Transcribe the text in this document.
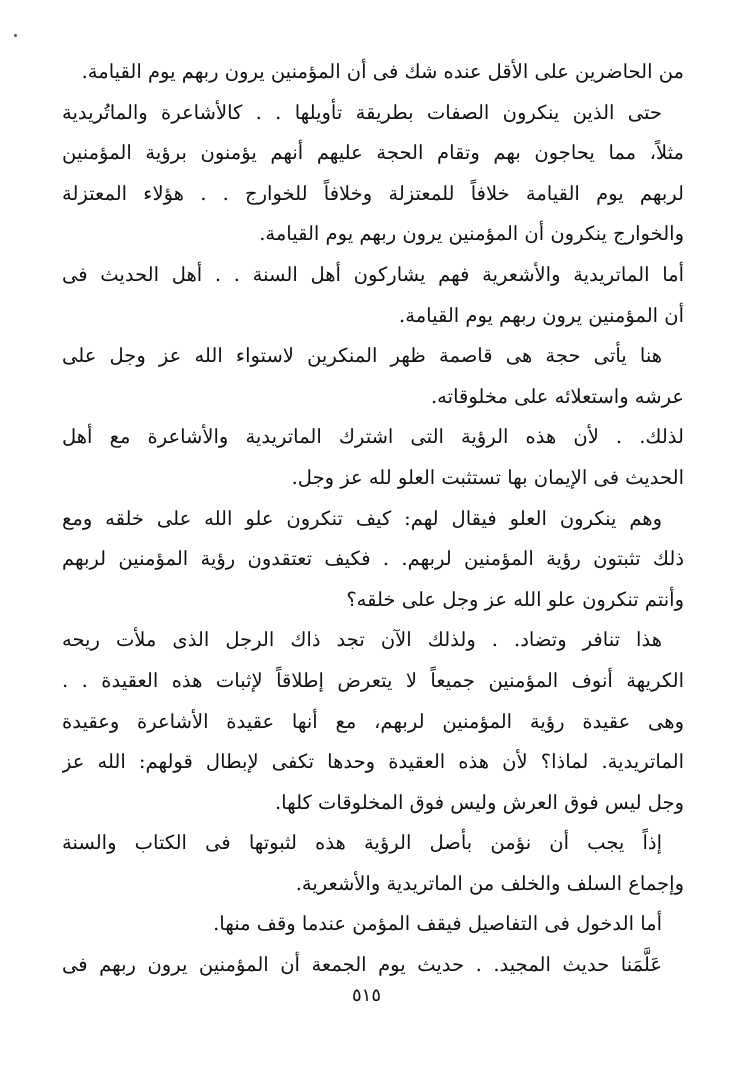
من الحاضرين على الأقل عنده شك فى أن المؤمنين يرون ربهم يوم القيامة.
حتى الذين ينكرون الصفات بطريقة تأويلها . . كالأشاعرة والماتُريدية
مثلاً، مما يحاجون بهم وتقام الحجة عليهم أنهم يؤمنون برؤية المؤمنين
لربهم يوم القيامة خلافاً للمعتزلة وخلافاً للخوارج . . هؤلاء المعتزلة
والخوارج ينكرون أن المؤمنين يرون ربهم يوم القيامة.
أما الماتريدية والأشعرية فهم يشاركون أهل السنة . . أهل الحديث فى
أن المؤمنين يرون ربهم يوم القيامة.
هنا يأتى حجة هى قاصمة ظهر المنكرين لاستواء الله عز وجل على
عرشه واستعلائه على مخلوقاته.
لذلك. . لأن هذه الرؤية التى اشترك الماتريدية والأشاعرة مع أهل
الحديث فى الإيمان بها تستثبت العلو لله عز وجل.
وهم ينكرون العلو فيقال لهم: كيف تنكرون علو الله على خلقه ومع
ذلك تثبتون رؤية المؤمنين لربهم. . فكيف تعتقدون رؤية المؤمنين لربهم
وأنتم تنكرون علو الله عز وجل على خلقه؟
هذا تنافر وتضاد. . ولذلك الآن تجد ذاك الرجل الذى ملأت ريحه
الكريهة أنوف المؤمنين جميعاً لا يتعرض إطلاقاً لإثبات هذه العقيدة . .
وهى عقيدة رؤية المؤمنين لربهم، مع أنها عقيدة الأشاعرة وعقيدة
الماتريدية. لماذا؟ لأن هذه العقيدة وحدها تكفى لإبطال قولهم: الله عز
وجل ليس فوق العرش وليس فوق المخلوقات كلها.
إذاً يجب أن نؤمن بأصل الرؤية هذه لثبوتها فى الكتاب والسنة
وإجماع السلف والخلف من الماتريدية والأشعرية.
أما الدخول فى التفاصيل فيقف المؤمن عندما وقف منها.
عَلَّمَنا حديث المجيد. . حديث يوم الجمعة أن المؤمنين يرون ربهم فى
٥١٥
